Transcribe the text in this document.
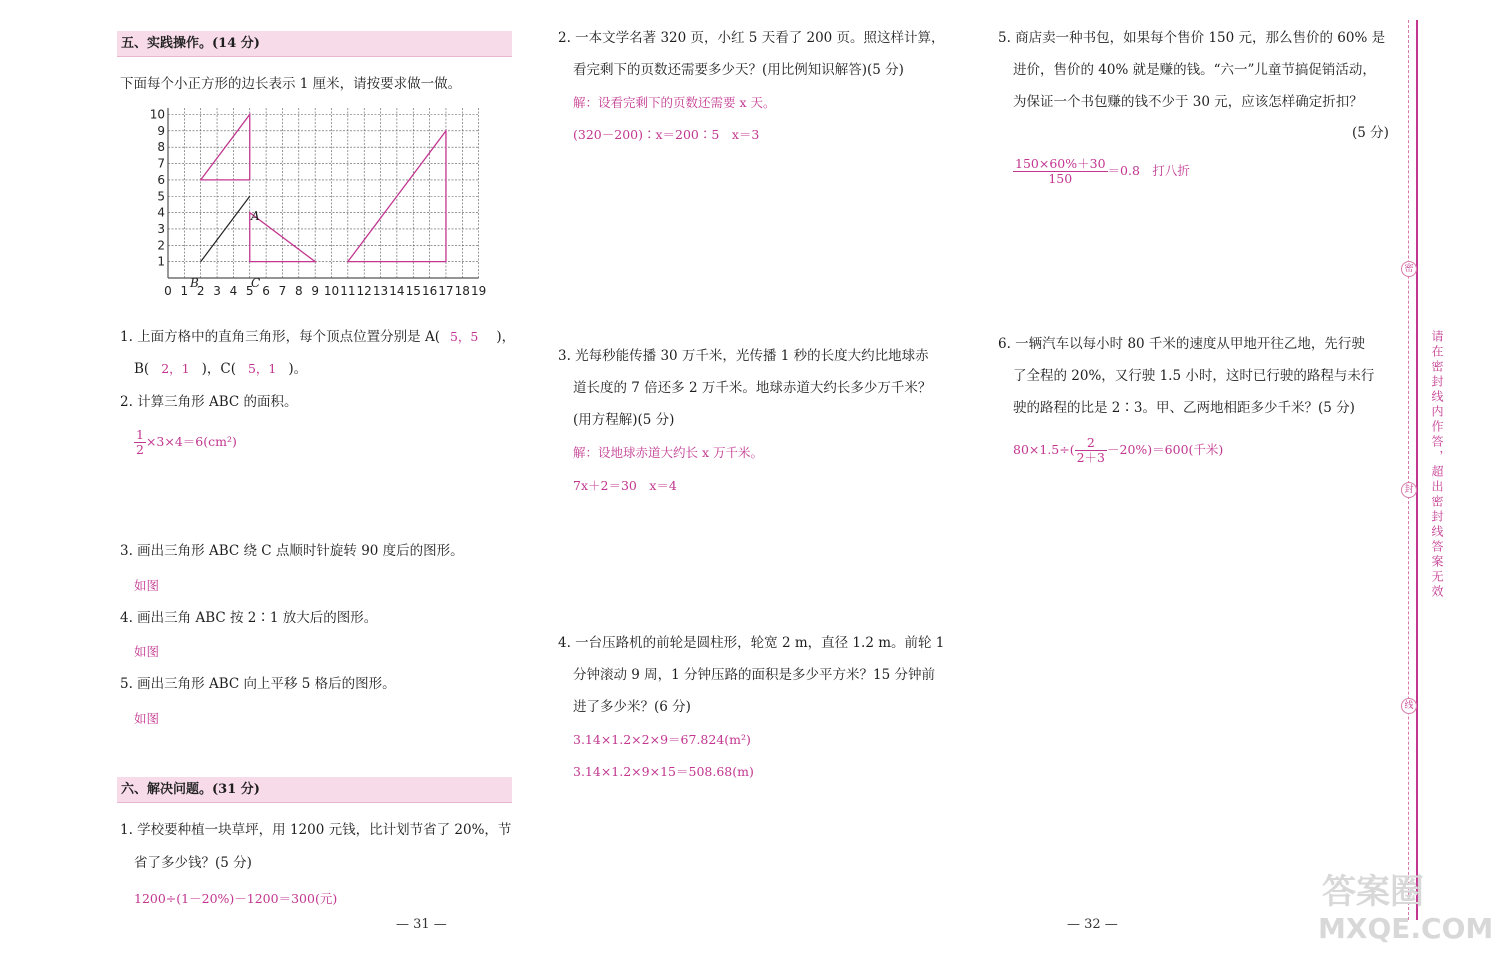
五、实践操作。(14 分)
下面每个小正方形的边长表示 1 厘米，请按要求做一做。
1
2
3
4
5
6
7
8
9
10
0 1 2 3 4 5 6 7 8 9 10 11 12 13 14 15 16 17 18 19
A
B	C
1. 上面方格中的直角三角形，每个顶点位置分别是 A( 5，5 )，
B( 2，1 )，C( 5，1 )。
2. 计算三角形 ABC 的面积。
$\frac{1}{2} \times 3\times 4=6(cm^2)$
3. 画出三角形 ABC 绕 C 点顺时针旋转 90 度后的图形。
如图
4. 画出三角 ABC 按 2∶1 放大后的图形。
如图
5. 画出三角形 ABC 向上平移 5 格后的图形。
如图
六、解决问题。(31 分)
1. 学校要种植一块草坪，用 1200 元钱，比计划节省了 20%，节
省了多少钱？(5 分)
1200÷(1－20%)－1200＝300(元)
— 31 —
2. 一本文学名著 320 页，小红 5 天看了 200 页。照这样计算，
看完剩下的页数还需要多少天？(用比例知识解答)(5 分)
解：设看完剩下的页数还需要 x 天。
(320－200)∶x＝200∶5　x＝3
3. 光每秒能传播 30 万千米，光传播 1 秒的长度大约比地球赤
道长度的 7 倍还多 2 万千米。地球赤道大约长多少万千米？
(用方程解)(5 分)
解：设地球赤道大约长 x 万千米。
7x＋2＝30　x＝4
4. 一台压路机的前轮是圆柱形，轮宽 2 m，直径 1.2 m。前轮 1
分钟滚动 9 周，1 分钟压路的面积是多少平方米？15 分钟前
进了多少米？(6 分)
3.14×1.2×2×9＝67.824(m²)
3.14×1.2×9×15＝508.68(m)
— 32 —
5. 商店卖一种书包，如果每个售价 150 元，那么售价的 60% 是
进价，售价的 40% 就是赚的钱。“六一”儿童节搞促销活动，
为保证一个书包赚的钱不少于 30 元，应该怎样确定折扣？
(5 分)
$\frac{150\times 60\%+30}{150} =0.8$　打八折
6. 一辆汽车以每小时 80 千米的速度从甲地开往乙地，先行驶
了全程的 20%，又行驶 1.5 小时，这时已行驶的路程与未行
驶的路程的比是 2∶3。甲、乙两地相距多少千米？(5 分)
$80\times 1.5\div( \frac{2}{2+3} -20\%)=600$(千米)
密
封
线
请在密封线内作答，超出密封线答案无效
答案圈
MXQE.COM
